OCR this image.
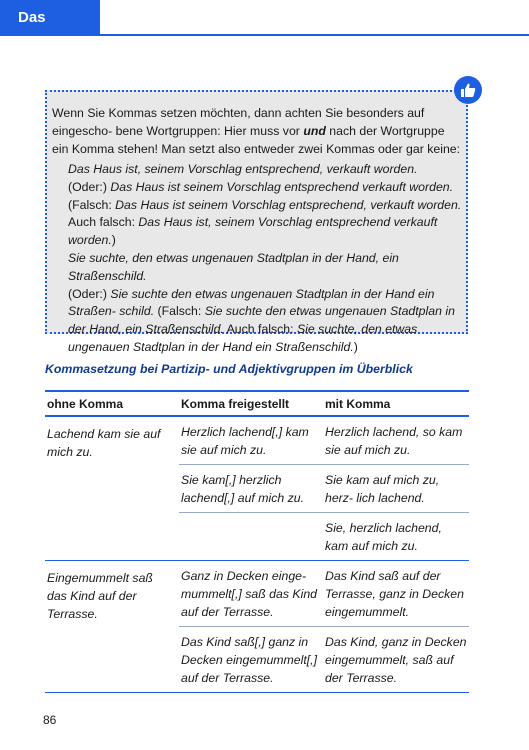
Das Komma
Wenn Sie Kommas setzen möchten, dann achten Sie besonders auf eingescho- bene Wortgruppen: Hier muss vor und nach der Wortgruppe ein Komma stehen! Man setzt also entweder zwei Kommas oder gar keine:

Das Haus ist, seinem Vorschlag entsprechend, verkauft worden.

(Oder:) Das Haus ist seinem Vorschlag entsprechend verkauft worden.

(Falsch: Das Haus ist seinem Vorschlag entsprechend, verkauft worden.

Auch falsch: Das Haus ist, seinem Vorschlag entsprechend verkauft worden.)

Sie suchte, den etwas ungenauen Stadtplan in der Hand, ein Straßenschild.

(Oder:) Sie suchte den etwas ungenauen Stadtplan in der Hand ein Straßen- schild. (Falsch: Sie suchte den etwas ungenauen Stadtplan in der Hand, ein Straßenschild. Auch falsch: Sie suchte, den etwas ungenauen Stadtplan in der Hand ein Straßenschild.)

Kommasetzung bei Partizip- und Adjektivgruppen im Überblick
ohne Komma	Komma freigestellt	mit Komma
Lachend kam sie auf mich zu.
Herzlich lachend[,] kam sie auf mich zu.
Herzlich lachend, so kam sie auf mich zu.
Sie kam[,] herzlich lachend[,] auf mich zu.
Sie kam auf mich zu, herz- lich lachend.
Sie, herzlich lachend, kam auf mich zu.
Eingemummelt saß das Kind auf der Terrasse.
Ganz in Decken einge- mummelt[,] saß das Kind auf der Terrasse.
Das Kind saß auf der Terrasse, ganz in Decken eingemummelt.
Das Kind saß[,] ganz in Decken eingemummelt[,] auf der Terrasse.
Das Kind, ganz in Decken eingemummelt, saß auf der Terrasse.
86
